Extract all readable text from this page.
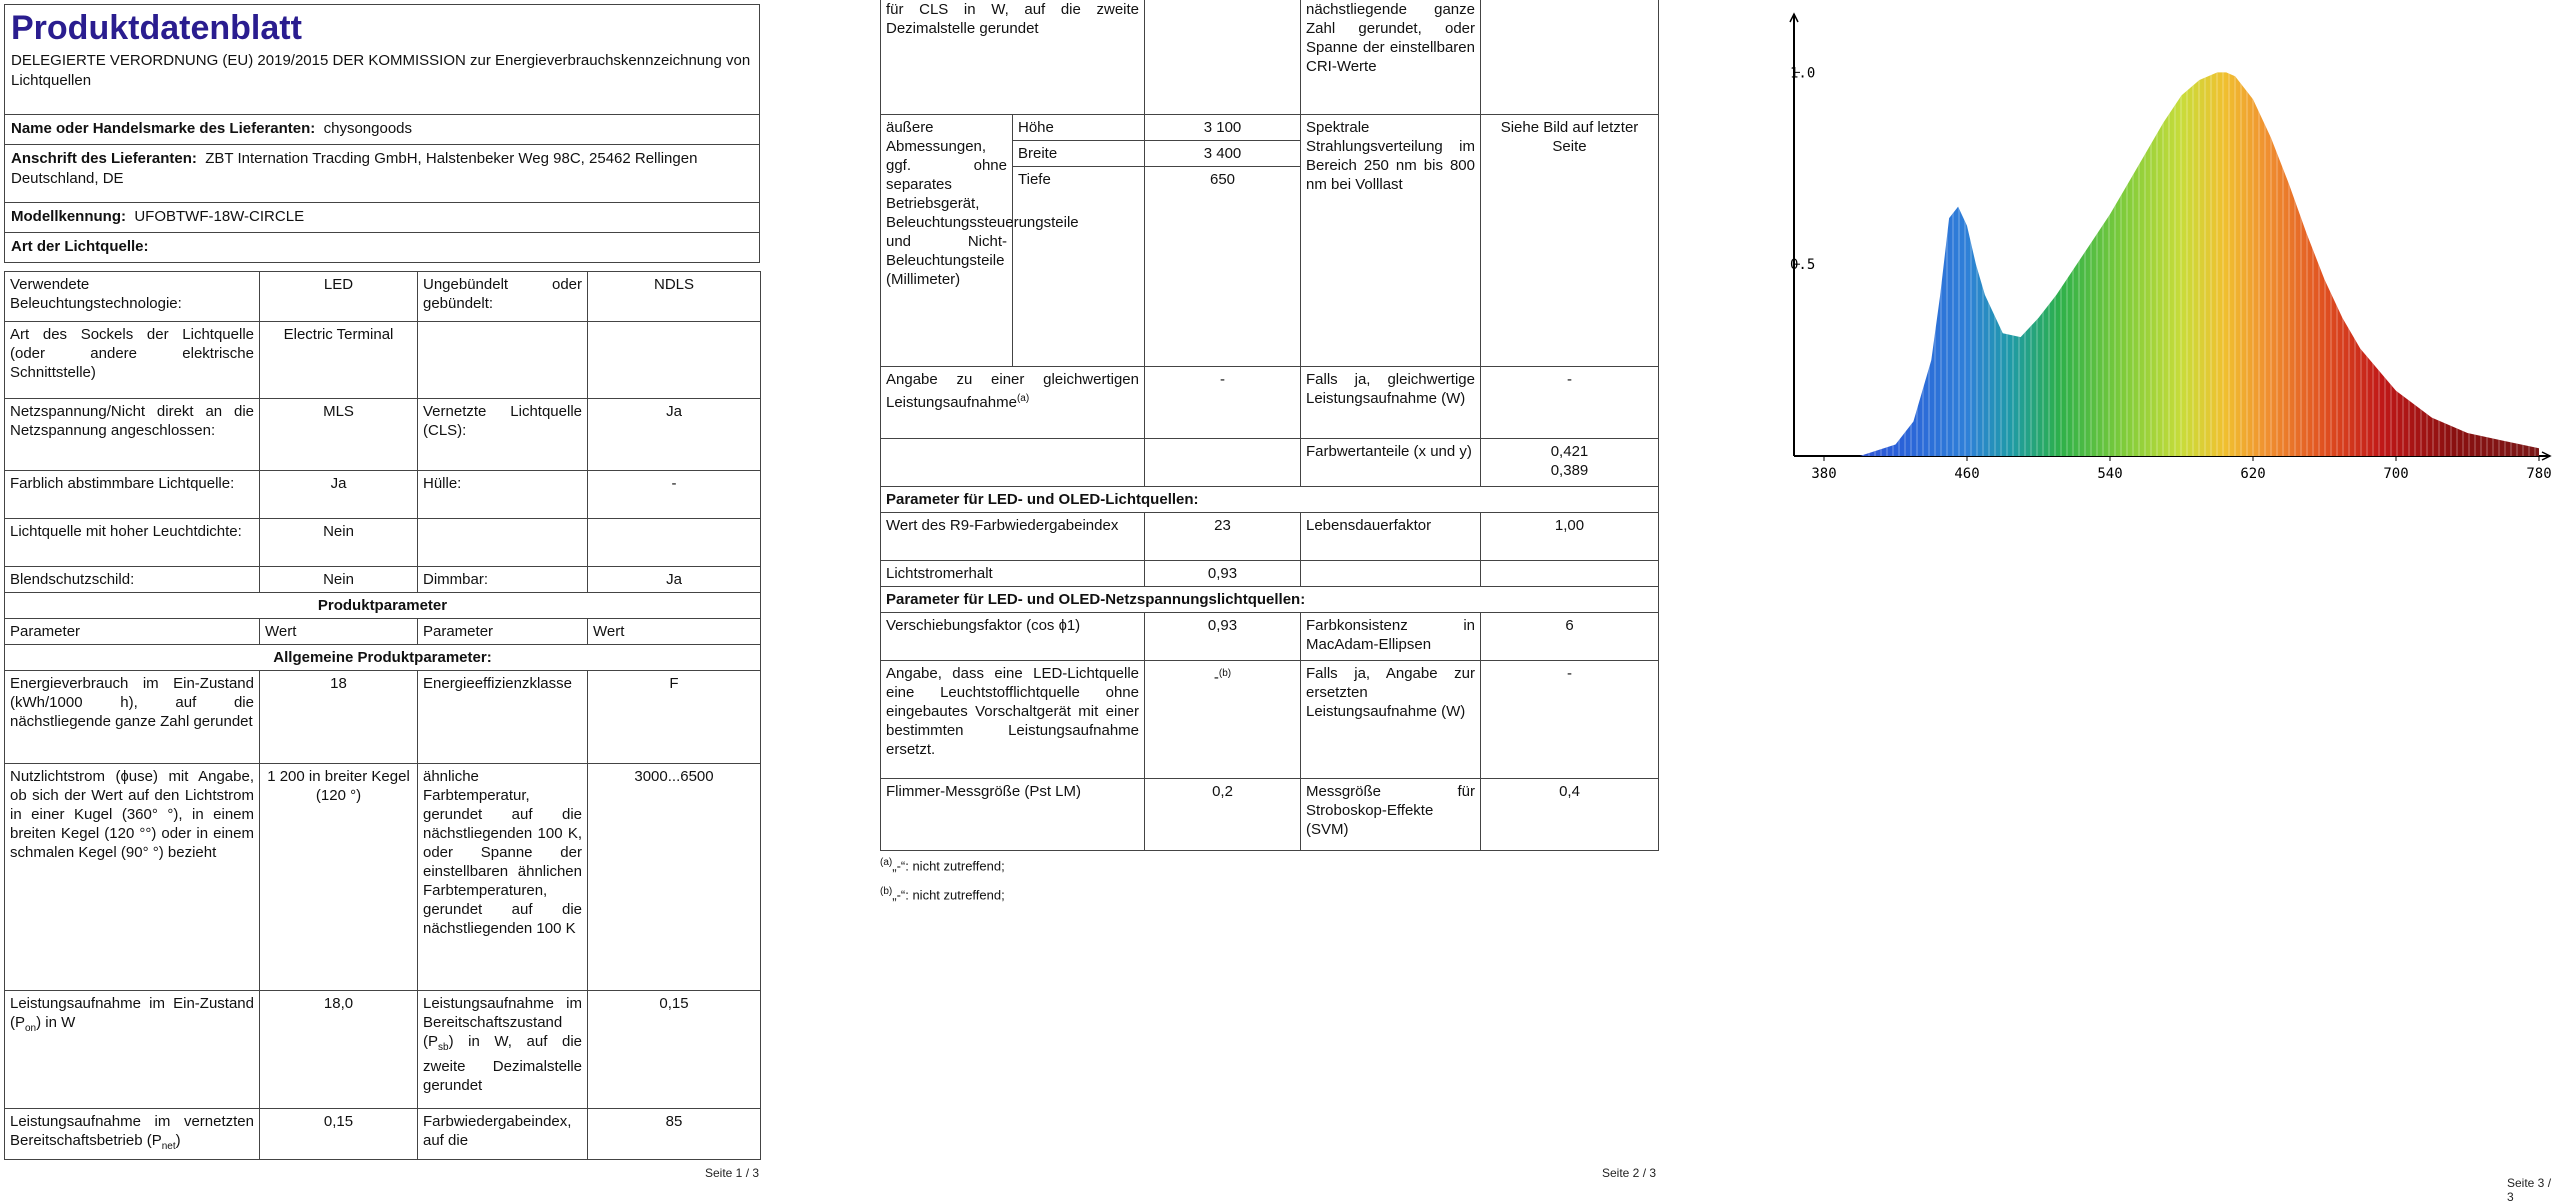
Produktdatenblatt
DELEGIERTE VERORDNUNG (EU) 2019/2015 DER KOMMISSION zur Energieverbrauchskennzeichnung von Lichtquellen
Name oder Handelsmarke des Lieferanten: chysongoods
Anschrift des Lieferanten: ZBT Internation Tracding GmbH, Halstenbeker Weg 98C, 25462 Rellingen Deutschland, DE
Modellkennung: UFOBTWF-18W-CIRCLE
Art der Lichtquelle:
Verwendete Beleuchtungstechnologie:	LED	Ungebündelt oder gebündelt:	NDLS
Art des Sockels der Lichtquelle (oder andere elektrische Schnittstelle)	Electric Terminal		
Netzspannung/Nicht direkt an die Netzspannung angeschlossen:	MLS	Vernetzte Lichtquelle (CLS):	Ja
Farblich abstimmbare Lichtquelle:	Ja	Hülle:	-
Lichtquelle mit hoher Leuchtdichte:	Nein		
Blendschutzschild:	Nein	Dimmbar:	Ja
Produktparameter			
Parameter	Wert	Parameter	Wert
Allgemeine Produktparameter:			
Energieverbrauch im Ein-Zustand (kWh/1000 h), auf die nächstliegende ganze Zahl gerundet	18	Energieeffizienzklasse	F
Nutzlichtstrom (ɸuse) mit Angabe, ob sich der Wert auf den Lichtstrom in einer Kugel (360° °), in einem breiten Kegel (120 °°) oder in einem schmalen Kegel (90° °) bezieht	1 200 in breiter Kegel (120 °)	ähnliche Farbtemperatur, gerundet auf die nächstliegenden 100 K, oder Spanne der einstellbaren ähnlichen Farbtemperaturen, gerundet auf die nächstliegenden 100 K	3000...6500
Leistungsaufnahme im Ein-Zustand $(P_{on})$ in W	18,0	Leistungsaufnahme im Bereitschaftszustand $(P_{sb})$ in W, auf die zweite Dezimalstelle gerundet	0,15
Leistungsaufnahme im vernetzten Bereitschaftsbetrieb $(P_{net})$	0,15	Farbwiedergabeindex, auf die	85
Seite 1 / 3
für CLS in W, auf die zweite Dezimalstelle gerundet			nächstliegende ganze Zahl gerundet, oder Spanne der einstellbaren CRI-Werte	
äußere Abmessungen, ggf. ohne separates Betriebsgerät, Beleuchtungssteuerungsteile und Nicht-Beleuchtungsteile (Millimeter)	Höhe	3 100	Spektrale Strahlungsverteilung im Bereich 250 nm bis 800 nm bei Volllast	Siehe Bild auf letzter Seite
	Breite	3 400		
	Tiefe	650		
Angabe zu einer gleichwertigen Leistungsaufnahme$^{(a)}$		-	Falls ja, gleichwertige Leistungsaufnahme (W)	-
			Farbwertanteile (x und y)	0,421
0,389

Parameter für LED- und OLED-Lichtquellen:				
Wert des R9-Farbwiedergabeindex		23	Lebensdauerfaktor	1,00
Lichtstromerhalt		0,93		
Parameter für LED- und OLED-Netzspannungslichtquellen:				
Verschiebungsfaktor (cos ɸ1)		0,93	Farbkonsistenz in MacAdam-Ellipsen	6
Angabe, dass eine LED-Lichtquelle eine Leuchtstofflichtquelle ohne eingebautes Vorschaltgerät mit einer bestimmten Leistungsaufnahme ersetzt.		-$^{(b)}$	Falls ja, Angabe zur ersetzten Leistungsaufnahme (W)	-
Flimmer-Messgröße (Pst LM)		0,2	Messgröße für Stroboskop-Effekte (SVM)	0,4
$^{(a)}$„-“: nicht zutreffend;
$^{(b)}$„-“: nicht zutreffend;
Seite 2 / 3
Seite 3 / 3
380	460	540	620	700	780
0.5
1.0
